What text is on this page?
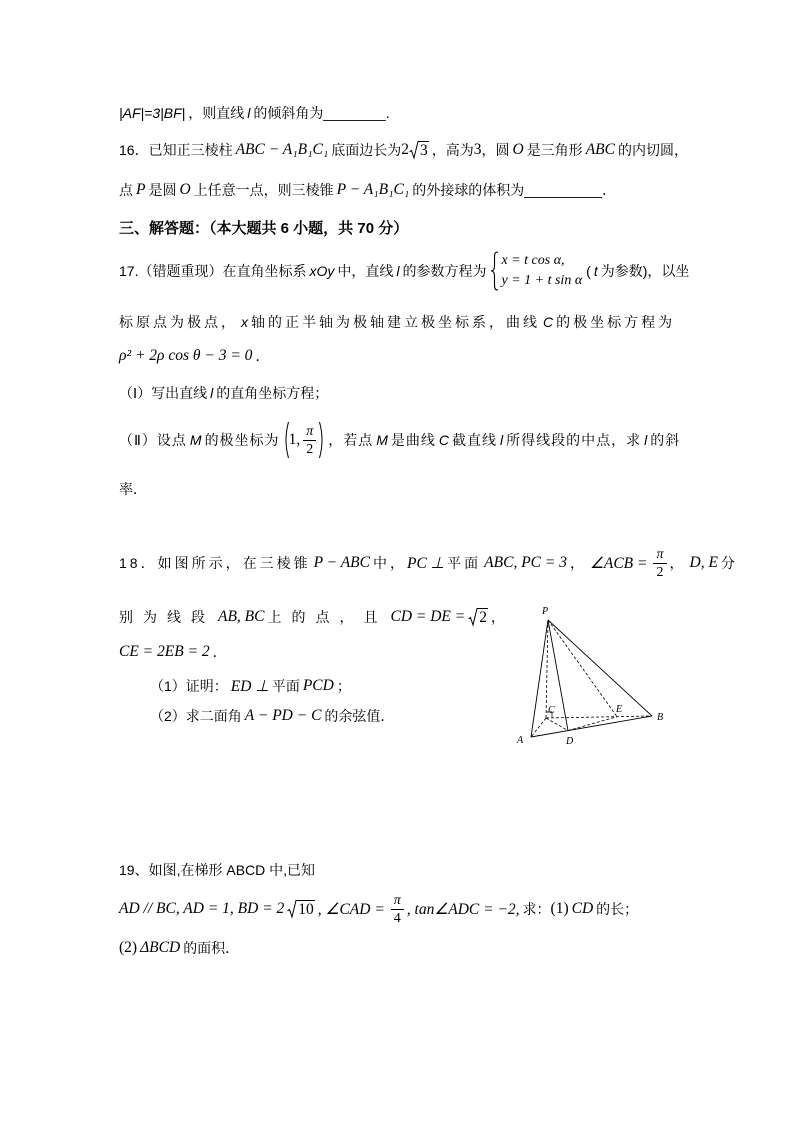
|AF|=3|BF| ，则直线 l 的倾斜角为 ________ .
16． 已知正三棱柱 ABC − A₁B₁C₁ 底面边长为 2 3 ，高为 3 ，圆 O 是三角形 ABC 的内切圆，
点 P 是圆 O 上任意一点，则三棱锥 P − A₁B₁C₁ 的外接球的体积为 __________ ．
三、解答题：（本大题共 6 小题，共 70 分）
17. （错题重现）在直角坐标系 xOy 中，直线 l 的参数方程为
x = t cos α,
y = 1 + t sin α
( t 为参数)，以坐
标原点为极点， x 轴的正半轴为极轴建立极坐标系，曲线 C 的极坐标方程为
ρ² + 2ρ cos θ − 3 = 0 ．
（Ⅰ）写出直线 l 的直角坐标方程；
（Ⅱ）设点 M 的极坐标为 1, $\frac{\pi}{2}$ ，若点 M 是曲线 C 截直线 l 所得线段的中点，求 l 的斜
率．
18． 如图所示，在三棱锥 P − ABC 中， PC ⊥ 平面 ABC, PC = 3 ， ∠ACB = $\frac{\pi}{2}$ ， D, E 分
别为线段 AB, BC 上的点，且 CD = DE = 2 ，
CE = 2EB = 2 ．
（1）证明： ED ⊥ 平面 PCD ；
（2）求二面角 A − PD − C 的余弦值．
P
C	E
B
A	D
19、如图,在梯形 ABCD 中,已知
AD // BC, AD = 1, BD = 2 10 , ∠CAD = $\frac{\pi}{4}$ , tan∠ADC = −2, 求： (1) CD 的长；
(2) ΔBCD 的面积．
